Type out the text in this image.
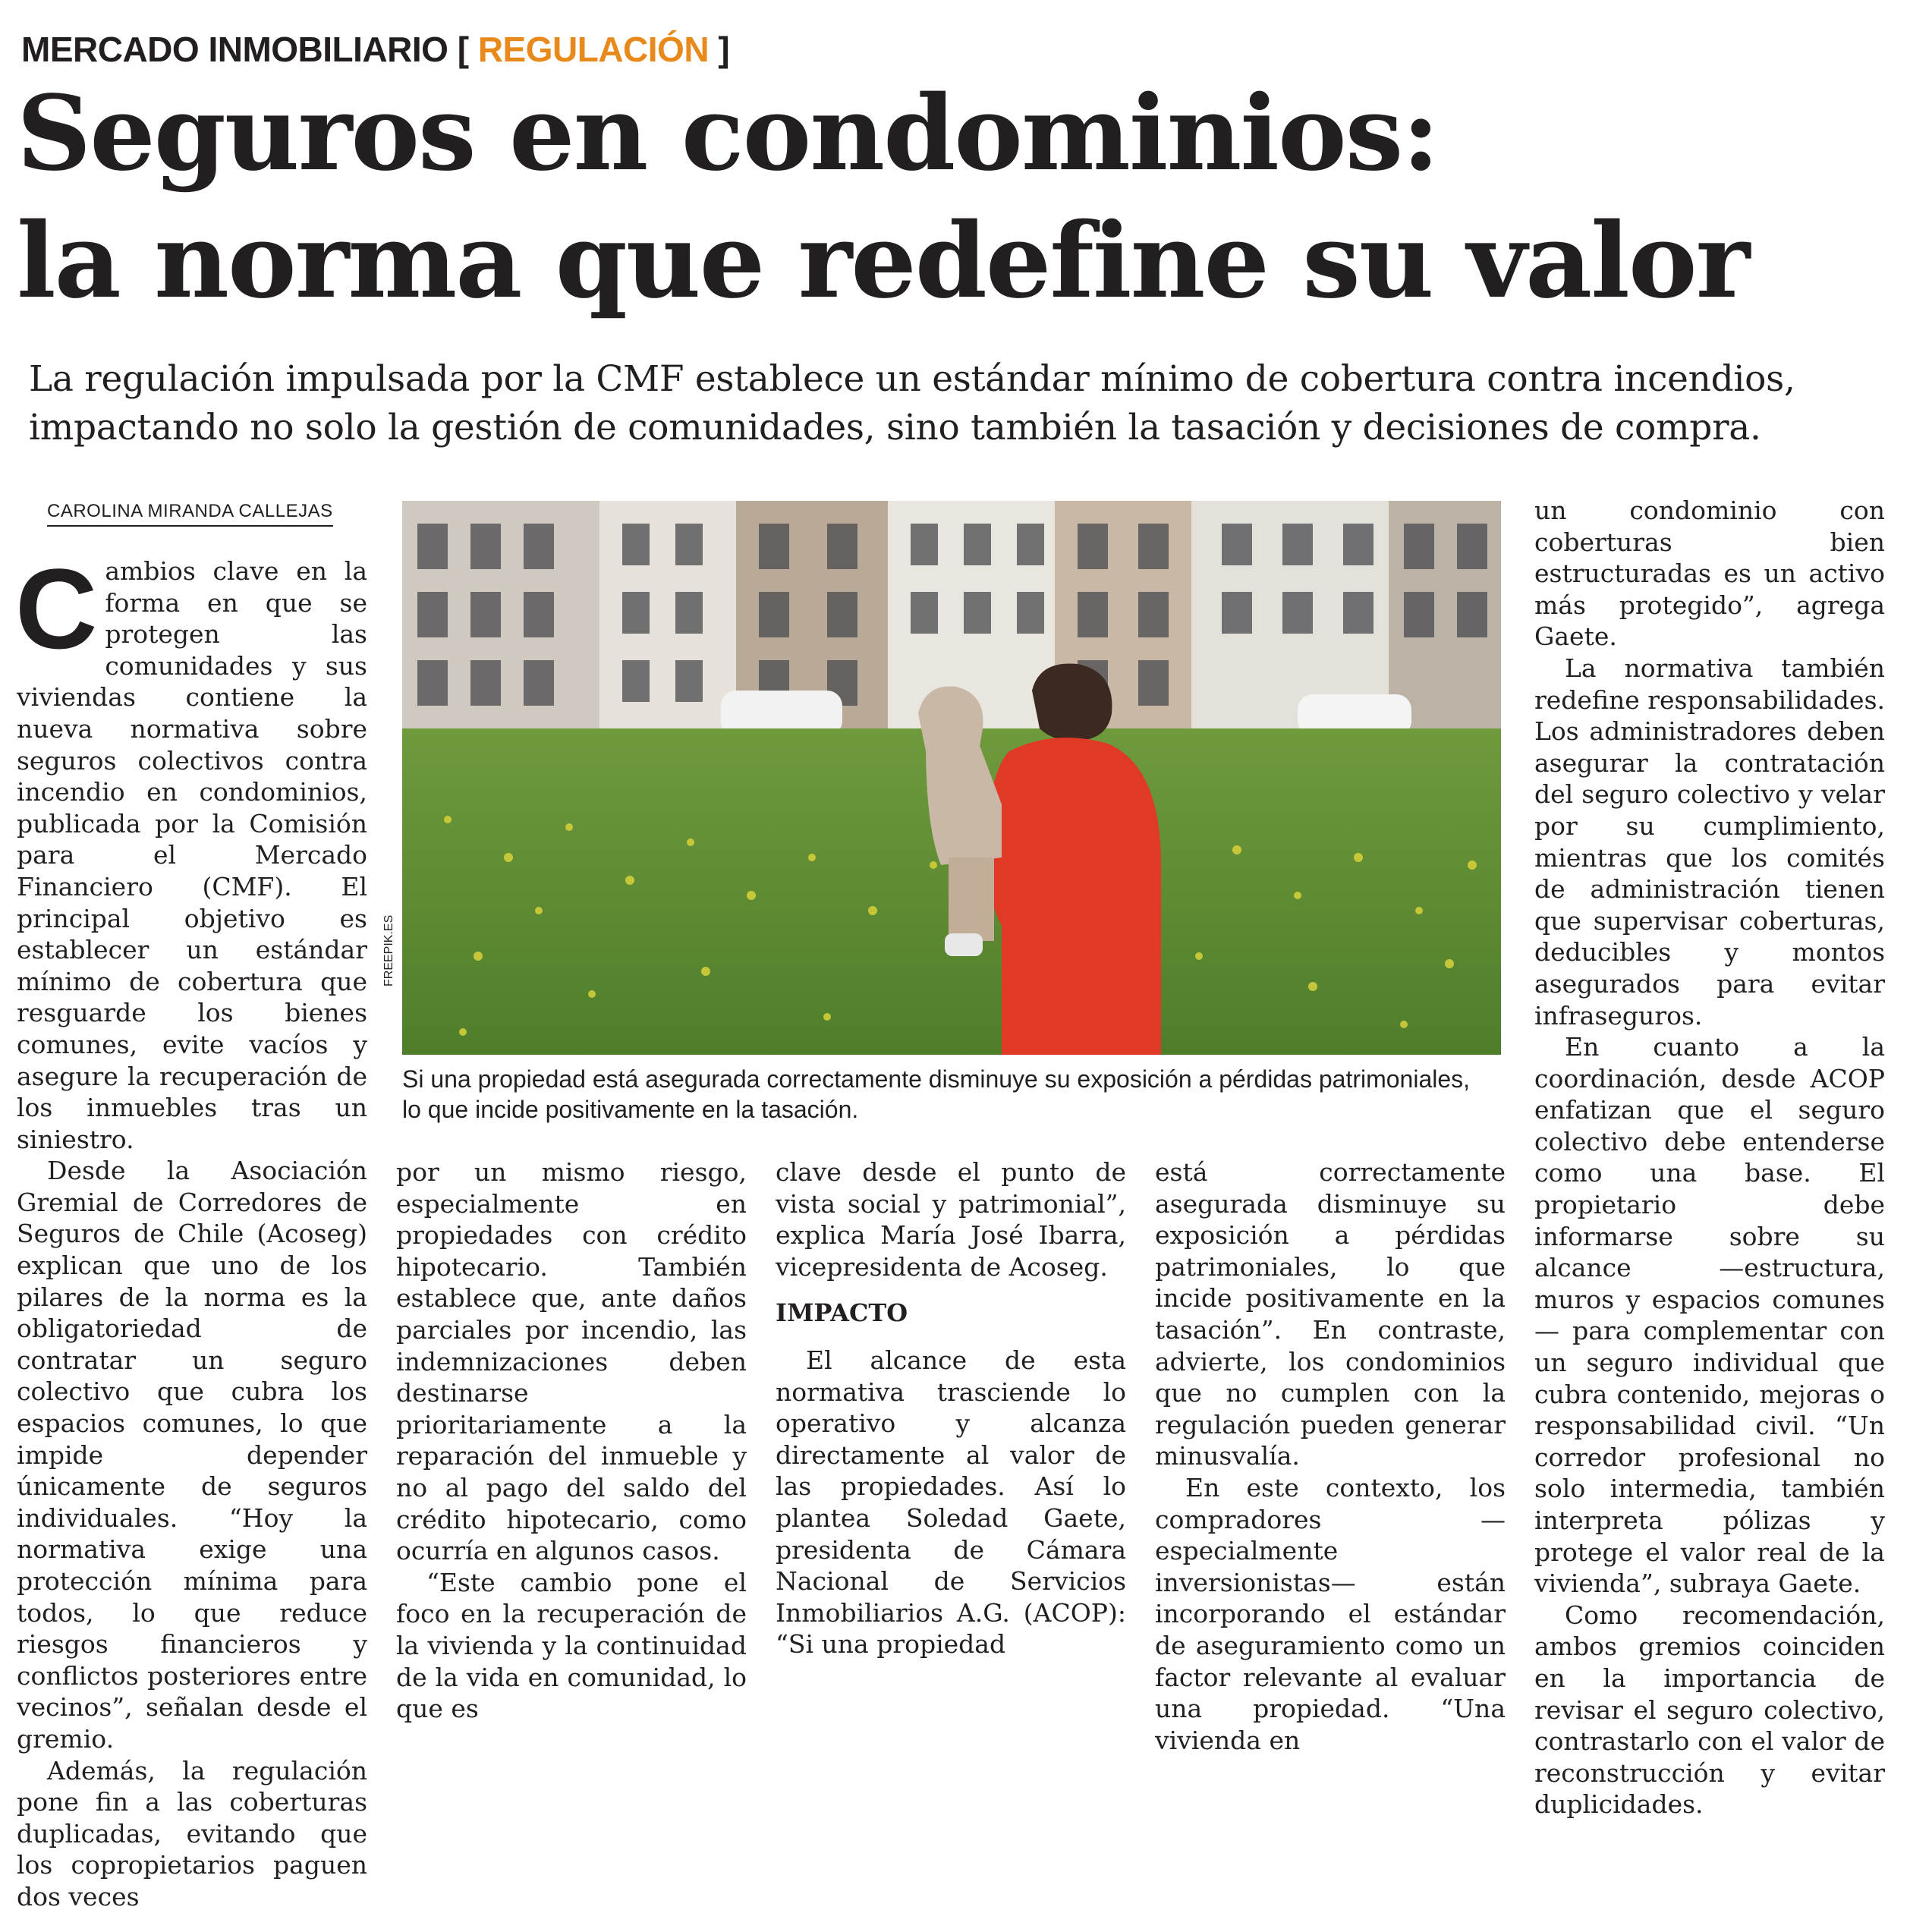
MERCADO INMOBILIARIO [ REGULACIÓN ]
Seguros en condominios:
la norma que redefine su valor
La regulación impulsada por la CMF establece un estándar mínimo de cobertura contra incendios,
impactando no solo la gestión de comunidades, sino también la tasación y decisiones de compra.
CAROLINA MIRANDA CALLEJAS

Cambios clave en la forma en que se protegen las comunidades y sus viviendas contiene la nueva normativa sobre seguros colectivos contra incendio en condominios, publicada por la Comisión para el Mercado Financiero (CMF). El principal objetivo es establecer un estándar mínimo de cobertura que resguarde los bienes comunes, evite vacíos y asegure la recuperación de los inmuebles tras un siniestro.

Desde la Asociación Gremial de Corredores de Seguros de Chile (Acoseg) explican que uno de los pilares de la norma es la obligatoriedad de contratar un seguro colectivo que cubra los espacios comunes, lo que impide depender únicamente de seguros individuales. “Hoy la normativa exige una protección mínima para todos, lo que reduce riesgos financieros y conflictos posteriores entre vecinos”, señalan desde el gremio.

Además, la regulación pone fin a las coberturas duplicadas, evitando que los copropietarios paguen dos veces

FREEPIK.ES
Si una propiedad está asegurada correctamente disminuye su exposición a pérdidas patrimoniales,
lo que incide positivamente en la tasación.

por un mismo riesgo, especialmente en propiedades con crédito hipotecario. También establece que, ante daños parciales por incendio, las indemnizaciones deben destinarse prioritariamente a la reparación del inmueble y no al pago del saldo del crédito hipotecario, como ocurría en algunos casos.

“Este cambio pone el foco en la recuperación de la vivienda y la continuidad de la vida en comunidad, lo que es

clave desde el punto de vista social y patrimonial”, explica María José Ibarra, vicepresidenta de Acoseg.

IMPACTO

El alcance de esta normativa trasciende lo operativo y alcanza directamente al valor de las propiedades. Así lo plantea Soledad Gaete, presidenta de Cámara Nacional de Servicios Inmobiliarios A.G. (ACOP): “Si una propiedad

está correctamente asegurada disminuye su exposición a pérdidas patrimoniales, lo que incide positivamente en la tasación”. En contraste, advierte, los condominios que no cumplen con la regulación pueden generar minusvalía.

En este contexto, los compradores —especialmente inversionistas— están incorporando el estándar de aseguramiento como un factor relevante al evaluar una propiedad. “Una vivienda en

un condominio con coberturas bien estructuradas es un activo más protegido”, agrega Gaete.

La normativa también redefine responsabilidades. Los administradores deben asegurar la contratación del seguro colectivo y velar por su cumplimiento, mientras que los comités de administración tienen que supervisar coberturas, deducibles y montos asegurados para evitar infraseguros.

En cuanto a la coordinación, desde ACOP enfatizan que el seguro colectivo debe entenderse como una base. El propietario debe informarse sobre su alcance —estructura, muros y espacios comunes— para complementar con un seguro individual que cubra contenido, mejoras o responsabilidad civil. “Un corredor profesional no solo intermedia, también interpreta pólizas y protege el valor real de la vivienda”, subraya Gaete.

Como recomendación, ambos gremios coinciden en la importancia de revisar el seguro colectivo, contrastarlo con el valor de reconstrucción y evitar duplicidades.
